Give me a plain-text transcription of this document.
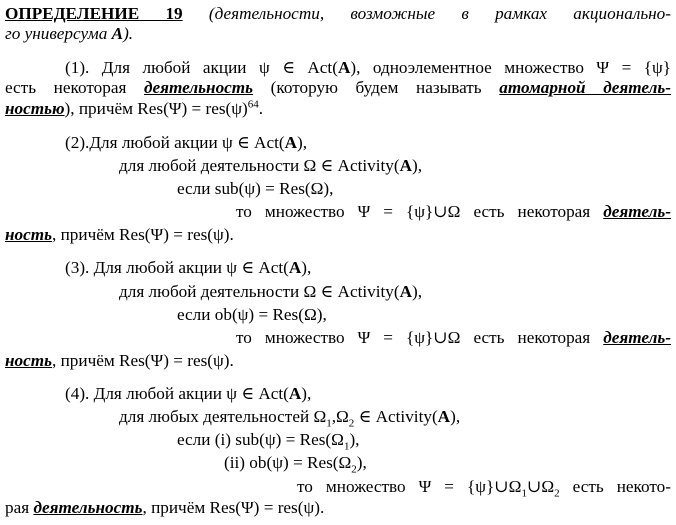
ОПРЕДЕЛЕНИЕ 19 (деятельности, возможные в рамках акционально-
го универсума A).
(1). Для любой акции ψ ∈ Act(A), одноэлементное множество Ψ = {ψ}
есть некоторая деятельность (которую будем называть атомарной деятель-
ностью), причём $Res(\Psi) = res(\psi)^{64}$.
(2).Для любой акции ψ ∈ Act(A),
для любой деятельности Ω ∈ Activity(A),
если sub(ψ) = Res(Ω),
то множество Ψ = {ψ}∪Ω есть некоторая деятель-
ность, причём Res(Ψ) = res(ψ).
(3). Для любой акции ψ ∈ Act(A),
для любой деятельности Ω ∈ Activity(A),
если ob(ψ) = Res(Ω),
то множество Ψ = {ψ}∪Ω есть некоторая деятель-
ность, причём Res(Ψ) = res(ψ).
(4). Для любой акции ψ ∈ Act(A),
для любых деятельностей $\Omega_1,\Omega_2$ ∈ Activity(A),
если (i) $sub(\psi) = Res(\Omega_1)$,
(ii) $ob(\psi) = Res(\Omega_2)$,
то множество $\Psi = \{\psi\}\cup\Omega_1\cup\Omega_2$ есть некото-
рая деятельность, причём Res(Ψ) = res(ψ).
